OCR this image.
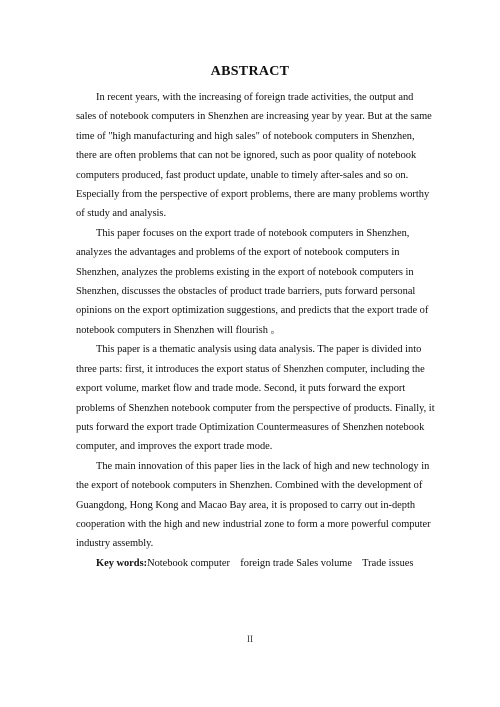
ABSTRACT
In recent years, with the increasing of foreign trade activities, the output and
sales of notebook computers in Shenzhen are increasing year by year. But at the same
time of "high manufacturing and high sales" of notebook computers in Shenzhen,
there are often problems that can not be ignored, such as poor quality of notebook
computers produced, fast product update, unable to timely after-sales and so on.
Especially from the perspective of export problems, there are many problems worthy
of study and analysis.
This paper focuses on the export trade of notebook computers in Shenzhen,
analyzes the advantages and problems of the export of notebook computers in
Shenzhen, analyzes the problems existing in the export of notebook computers in
Shenzhen, discusses the obstacles of product trade barriers, puts forward personal
opinions on the export optimization suggestions, and predicts that the export trade of
notebook computers in Shenzhen will flourish 。
This paper is a thematic analysis using data analysis. The paper is divided into
three parts: first, it introduces the export status of Shenzhen computer, including the
export volume, market flow and trade mode. Second, it puts forward the export
problems of Shenzhen notebook computer from the perspective of products. Finally, it
puts forward the export trade Optimization Countermeasures of Shenzhen notebook
computer, and improves the export trade mode.
The main innovation of this paper lies in the lack of high and new technology in
the export of notebook computers in Shenzhen. Combined with the development of
Guangdong, Hong Kong and Macao Bay area, it is proposed to carry out in-depth
cooperation with the high and new industrial zone to form a more powerful computer
industry assembly.
Key words:Notebook computer    foreign trade Sales volume    Trade issues
II
